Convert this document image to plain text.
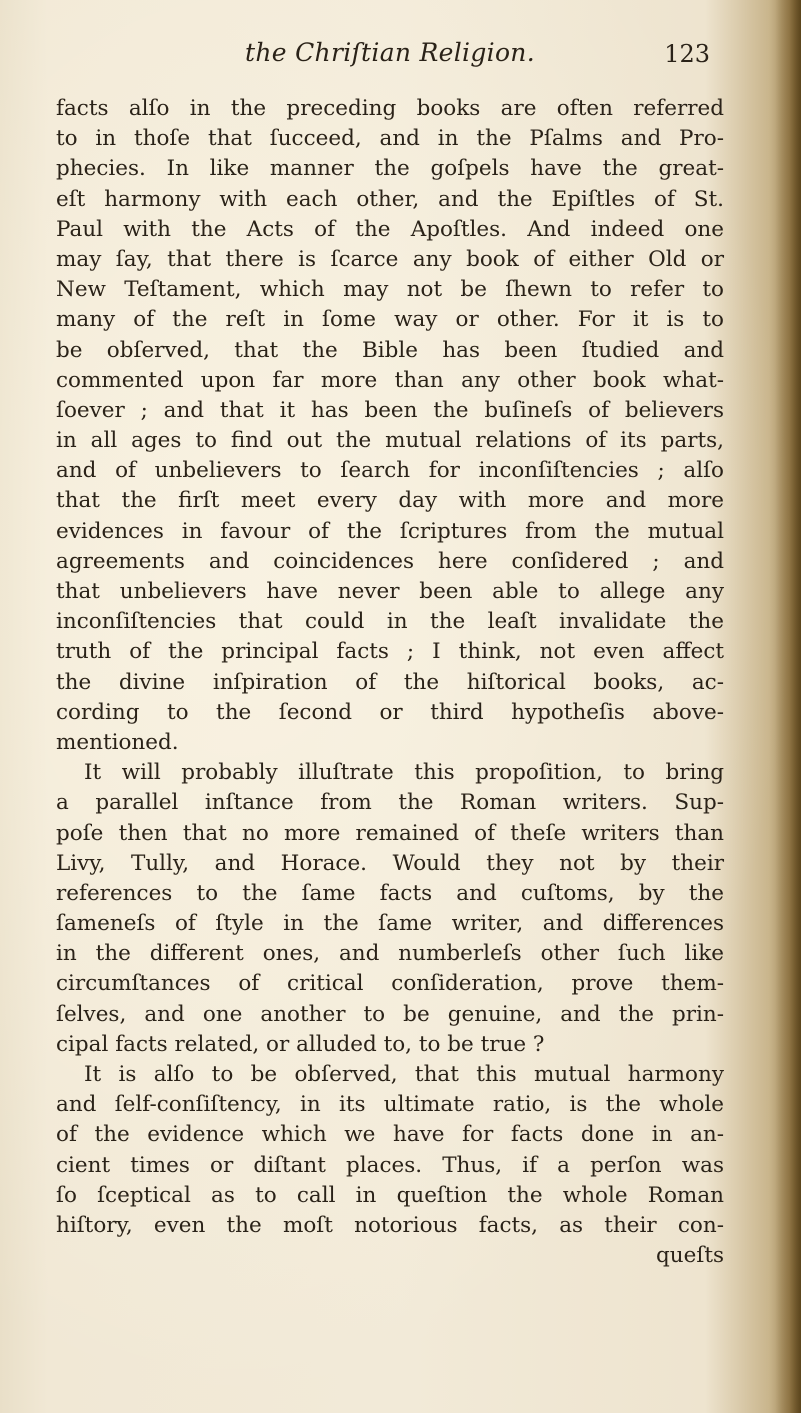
the Chriſtian Religion.	123
facts alſo in the preceding books are often referred
to in thoſe that ſucceed, and in the Pſalms and Pro-
phecies. In like manner the goſpels have the great-
eſt harmony with each other, and the Epiſtles of St.
Paul with the Acts of the Apoſtles. And indeed one
may ſay, that there is ſcarce any book of either Old or
New Teſtament, which may not be ſhewn to refer to
many of the reſt in ſome way or other. For it is to
be obſerved, that the Bible has been ſtudied and
commented upon far more than any other book what-
ſoever ; and that it has been the buſineſs of believers
in all ages to find out the mutual relations of its parts,
and of unbelievers to ſearch for inconſiſtencies ; alſo
that the firſt meet every day with more and more
evidences in favour of the ſcriptures from the mutual
agreements and coincidences here conſidered ; and
that unbelievers have never been able to allege any
inconſiſtencies that could in the leaſt invalidate the
truth of the principal facts ; I think, not even affect
the divine inſpiration of the hiſtorical books, ac-
cording to the ſecond or third hypotheſis above-
mentioned.
It will probably illuſtrate this propoſition, to bring
a parallel inſtance from the Roman writers. Sup-
poſe then that no more remained of theſe writers than
Livy, Tully, and Horace. Would they not by their
references to the ſame facts and cuſtoms, by the
ſameneſs of ſtyle in the ſame writer, and differences
in the different ones, and numberleſs other ſuch like
circumſtances of critical conſideration, prove them-
ſelves, and one another to be genuine, and the prin-
cipal facts related, or alluded to, to be true ?
It is alſo to be obſerved, that this mutual harmony
and ſelf-conſiſtency, in its ultimate ratio, is the whole
of the evidence which we have for facts done in an-
cient times or diſtant places. Thus, if a perſon was
ſo ſceptical as to call in queſtion the whole Roman
hiſtory, even the moſt notorious facts, as their con-
queſts
